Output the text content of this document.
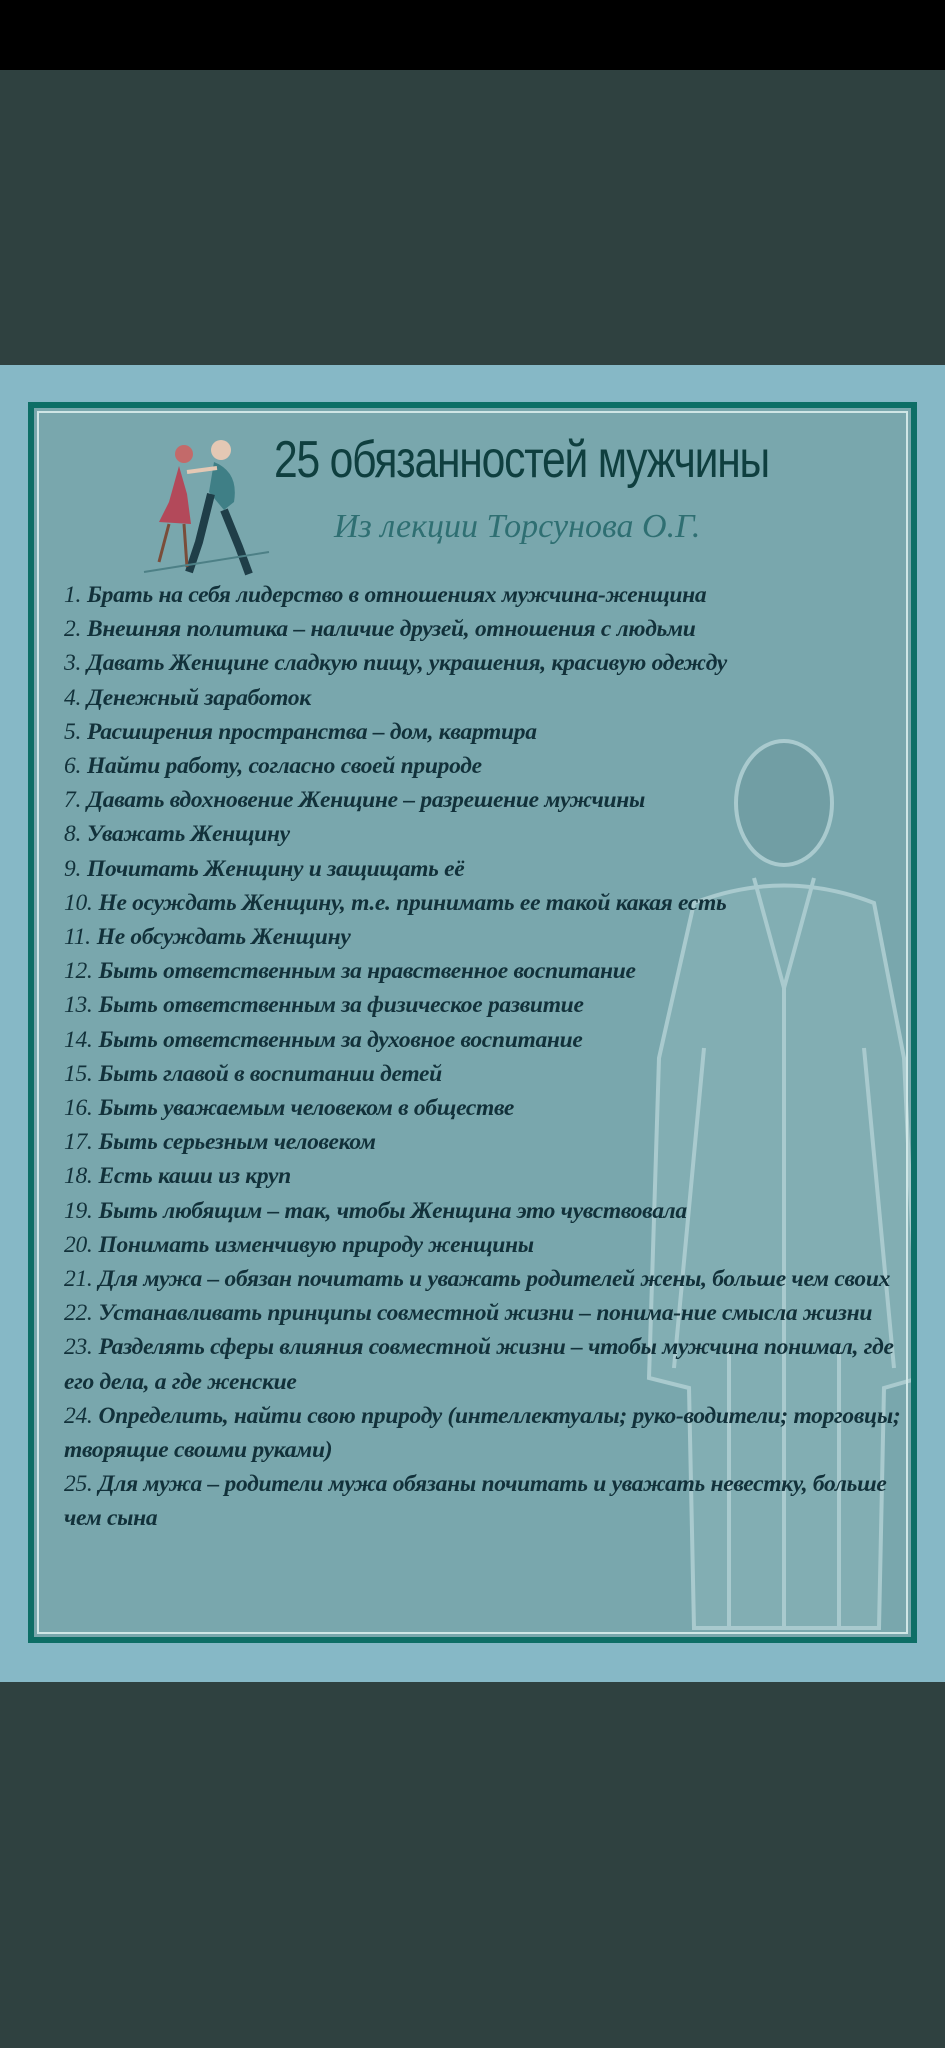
25 обязанностей мужчины
Из лекции Торсунова О.Г.
1. Брать на себя лидерство в отношениях мужчина-женщина
2. Внешняя политика – наличие друзей, отношения с людьми
3. Давать Женщине сладкую пищу, украшения, красивую одежду
4. Денежный заработок
5. Расширения пространства – дом, квартира
6. Найти работу, согласно своей природе
7. Давать вдохновение Женщине – разрешение мужчины
8. Уважать Женщину
9. Почитать Женщину и защищать её
10. Не осуждать Женщину, т.е. принимать ее такой какая есть
11. Не обсуждать Женщину
12. Быть ответственным за нравственное воспитание
13. Быть ответственным за физическое развитие
14. Быть ответственным за духовное воспитание
15. Быть главой в воспитании детей
16. Быть уважаемым человеком в обществе
17. Быть серьезным человеком
18. Есть каши из круп
19. Быть любящим – так, чтобы Женщина это чувствовала
20. Понимать изменчивую природу женщины
21. Для мужа – обязан почитать и уважать родителей жены, больше чем своих
22. Устанавливать принципы совместной жизни – понима-ние смысла жизни
23. Разделять сферы влияния совместной жизни – чтобы мужчина понимал, где его дела, а где женские
24. Определить, найти свою природу (интеллектуалы; руко-водители; торговцы; творящие своими руками)
25. Для мужа – родители мужа обязаны почитать и уважать невестку, больше чем сына
